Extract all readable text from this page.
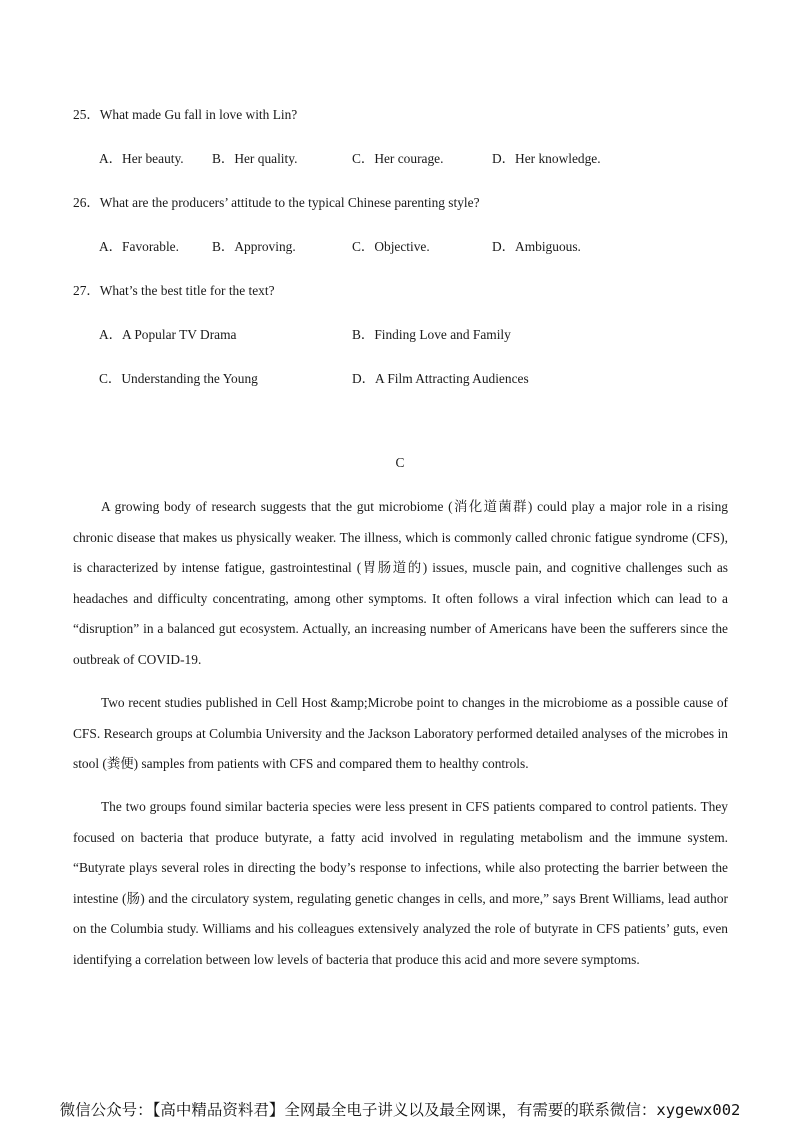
25．What made Gu fall in love with Lin?
A．Her beauty. B．Her quality.	C．Her courage.	D．Her knowledge.
26．What are the producers’ attitude to the typical Chinese parenting style?
A．Favorable. B．Approving.	C．Objective.	D．Ambiguous.
27．What’s the best title for the text?
A．A Popular TV Drama	B．Finding Love and Family
C．Understanding the Young	D．A Film Attracting Audiences
C

A growing body of research suggests that the gut microbiome (消化道菌群) could play a major role in a rising chronic disease that makes us physically weaker. The illness, which is commonly called chronic fatigue syndrome (CFS), is characterized by intense fatigue, gastrointestinal (胃肠道的) issues, muscle pain, and cognitive challenges such as headaches and difficulty concentrating, among other symptoms. It often follows a viral infection which can lead to a “disruption” in a balanced gut ecosystem. Actually, an increasing number of Americans have been the sufferers since the outbreak of COVID-19.

Two recent studies published in Cell Host &amp;Microbe point to changes in the microbiome as a possible cause of CFS. Research groups at Columbia University and the Jackson Laboratory performed detailed analyses of the microbes in stool (粪便) samples from patients with CFS and compared them to healthy controls.

The two groups found similar bacteria species were less present in CFS patients compared to control patients. They focused on bacteria that produce butyrate, a fatty acid involved in regulating metabolism and the immune system. “Butyrate plays several roles in directing the body’s response to infections, while also protecting the barrier between the intestine (肠) and the circulatory system, regulating genetic changes in cells, and more,” says Brent Williams, lead author on the Columbia study. Williams and his colleagues extensively analyzed the role of butyrate in CFS patients’ guts, even identifying a correlation between low levels of bacteria that produce this acid and more severe symptoms.

微信公众号：【高中精品资料君】全网最全电子讲义以及最全网课，有需要的联系微信：xygewx002
